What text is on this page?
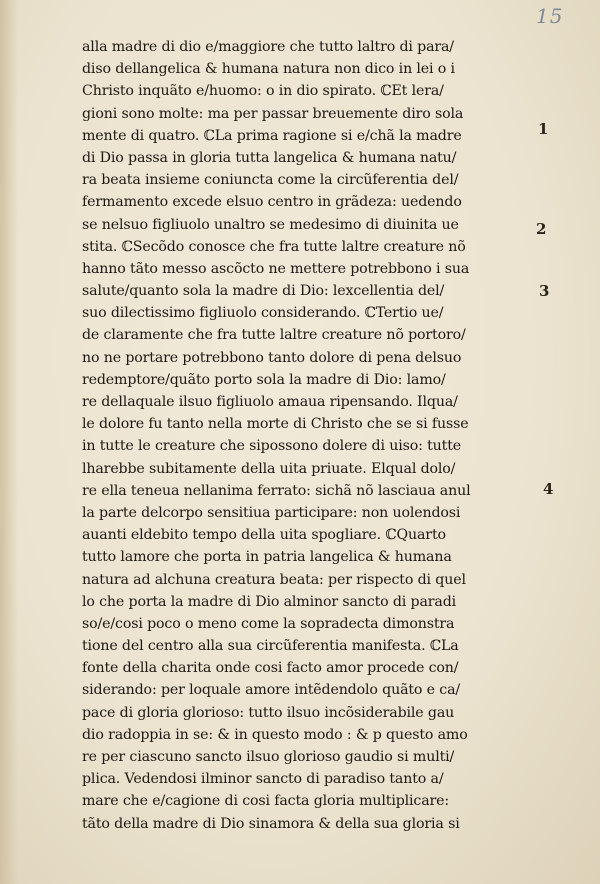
15
alla madre di dio e/maggiore che tutto laltro di para/
diso dellangelica & humana natura non dico in lei o i
Christo inquãto e/huomo: o in dio spirato. ℂEt lera/
gioni sono molte: ma per passar breuemente diro sola
mente di quatro. ℂLa prima ragione si e/chã la madre
di Dio passa in gloria tutta langelica & humana natu/
ra beata insieme coniuncta come la circũferentia del/
fermamento excede elsuo centro in grãdeza: uedendo
se nelsuo figliuolo unaltro se medesimo di diuinita ue
stita. ℂSecõdo conosce che fra tutte laltre creature nõ
hanno tãto messo ascõcto ne mettere potrebbono i sua
salute/quanto sola la madre di Dio: lexcellentia del/
suo dilectissimo figliuolo considerando. ℂTertio ue/
de claramente che fra tutte laltre creature nõ portoro/
no ne portare potrebbono tanto dolore di pena delsuo
redemptore/quãto porto sola la madre di Dio: lamo/
re dellaquale ilsuo figliuolo amaua ripensando. Ilqua/
le dolore fu tanto nella morte di Christo che se si fusse
in tutte le creature che sipossono dolere di uiso: tutte
lharebbe subitamente della uita priuate. Elqual dolo/
re ella teneua nellanima ferrato: sichã nõ lasciaua anul
la parte delcorpo sensitiua participare: non uolendosi
auanti eldebito tempo della uita spogliare. ℂQuarto
tutto lamore che porta in patria langelica & humana
natura ad alchuna creatura beata: per rispecto di quel
lo che porta la madre di Dio alminor sancto di paradi
so/e/cosi poco o meno come la sopradecta dimonstra
tione del centro alla sua circũferentia manifesta. ℂLa
fonte della charita onde cosi facto amor procede con/
siderando: per loquale amore intẽdendolo quãto e ca/
pace di gloria glorioso: tutto ilsuo incõsiderabile gau
dio radoppia in se: & in questo modo : & p questo amo
re per ciascuno sancto ilsuo glorioso gaudio si multi/
plica. Vedendosi ilminor sancto di paradiso tanto a/
mare che e/cagione di cosi facta gloria multiplicare:
tãto della madre di Dio sinamora & della sua gloria si
1
2
3
4
